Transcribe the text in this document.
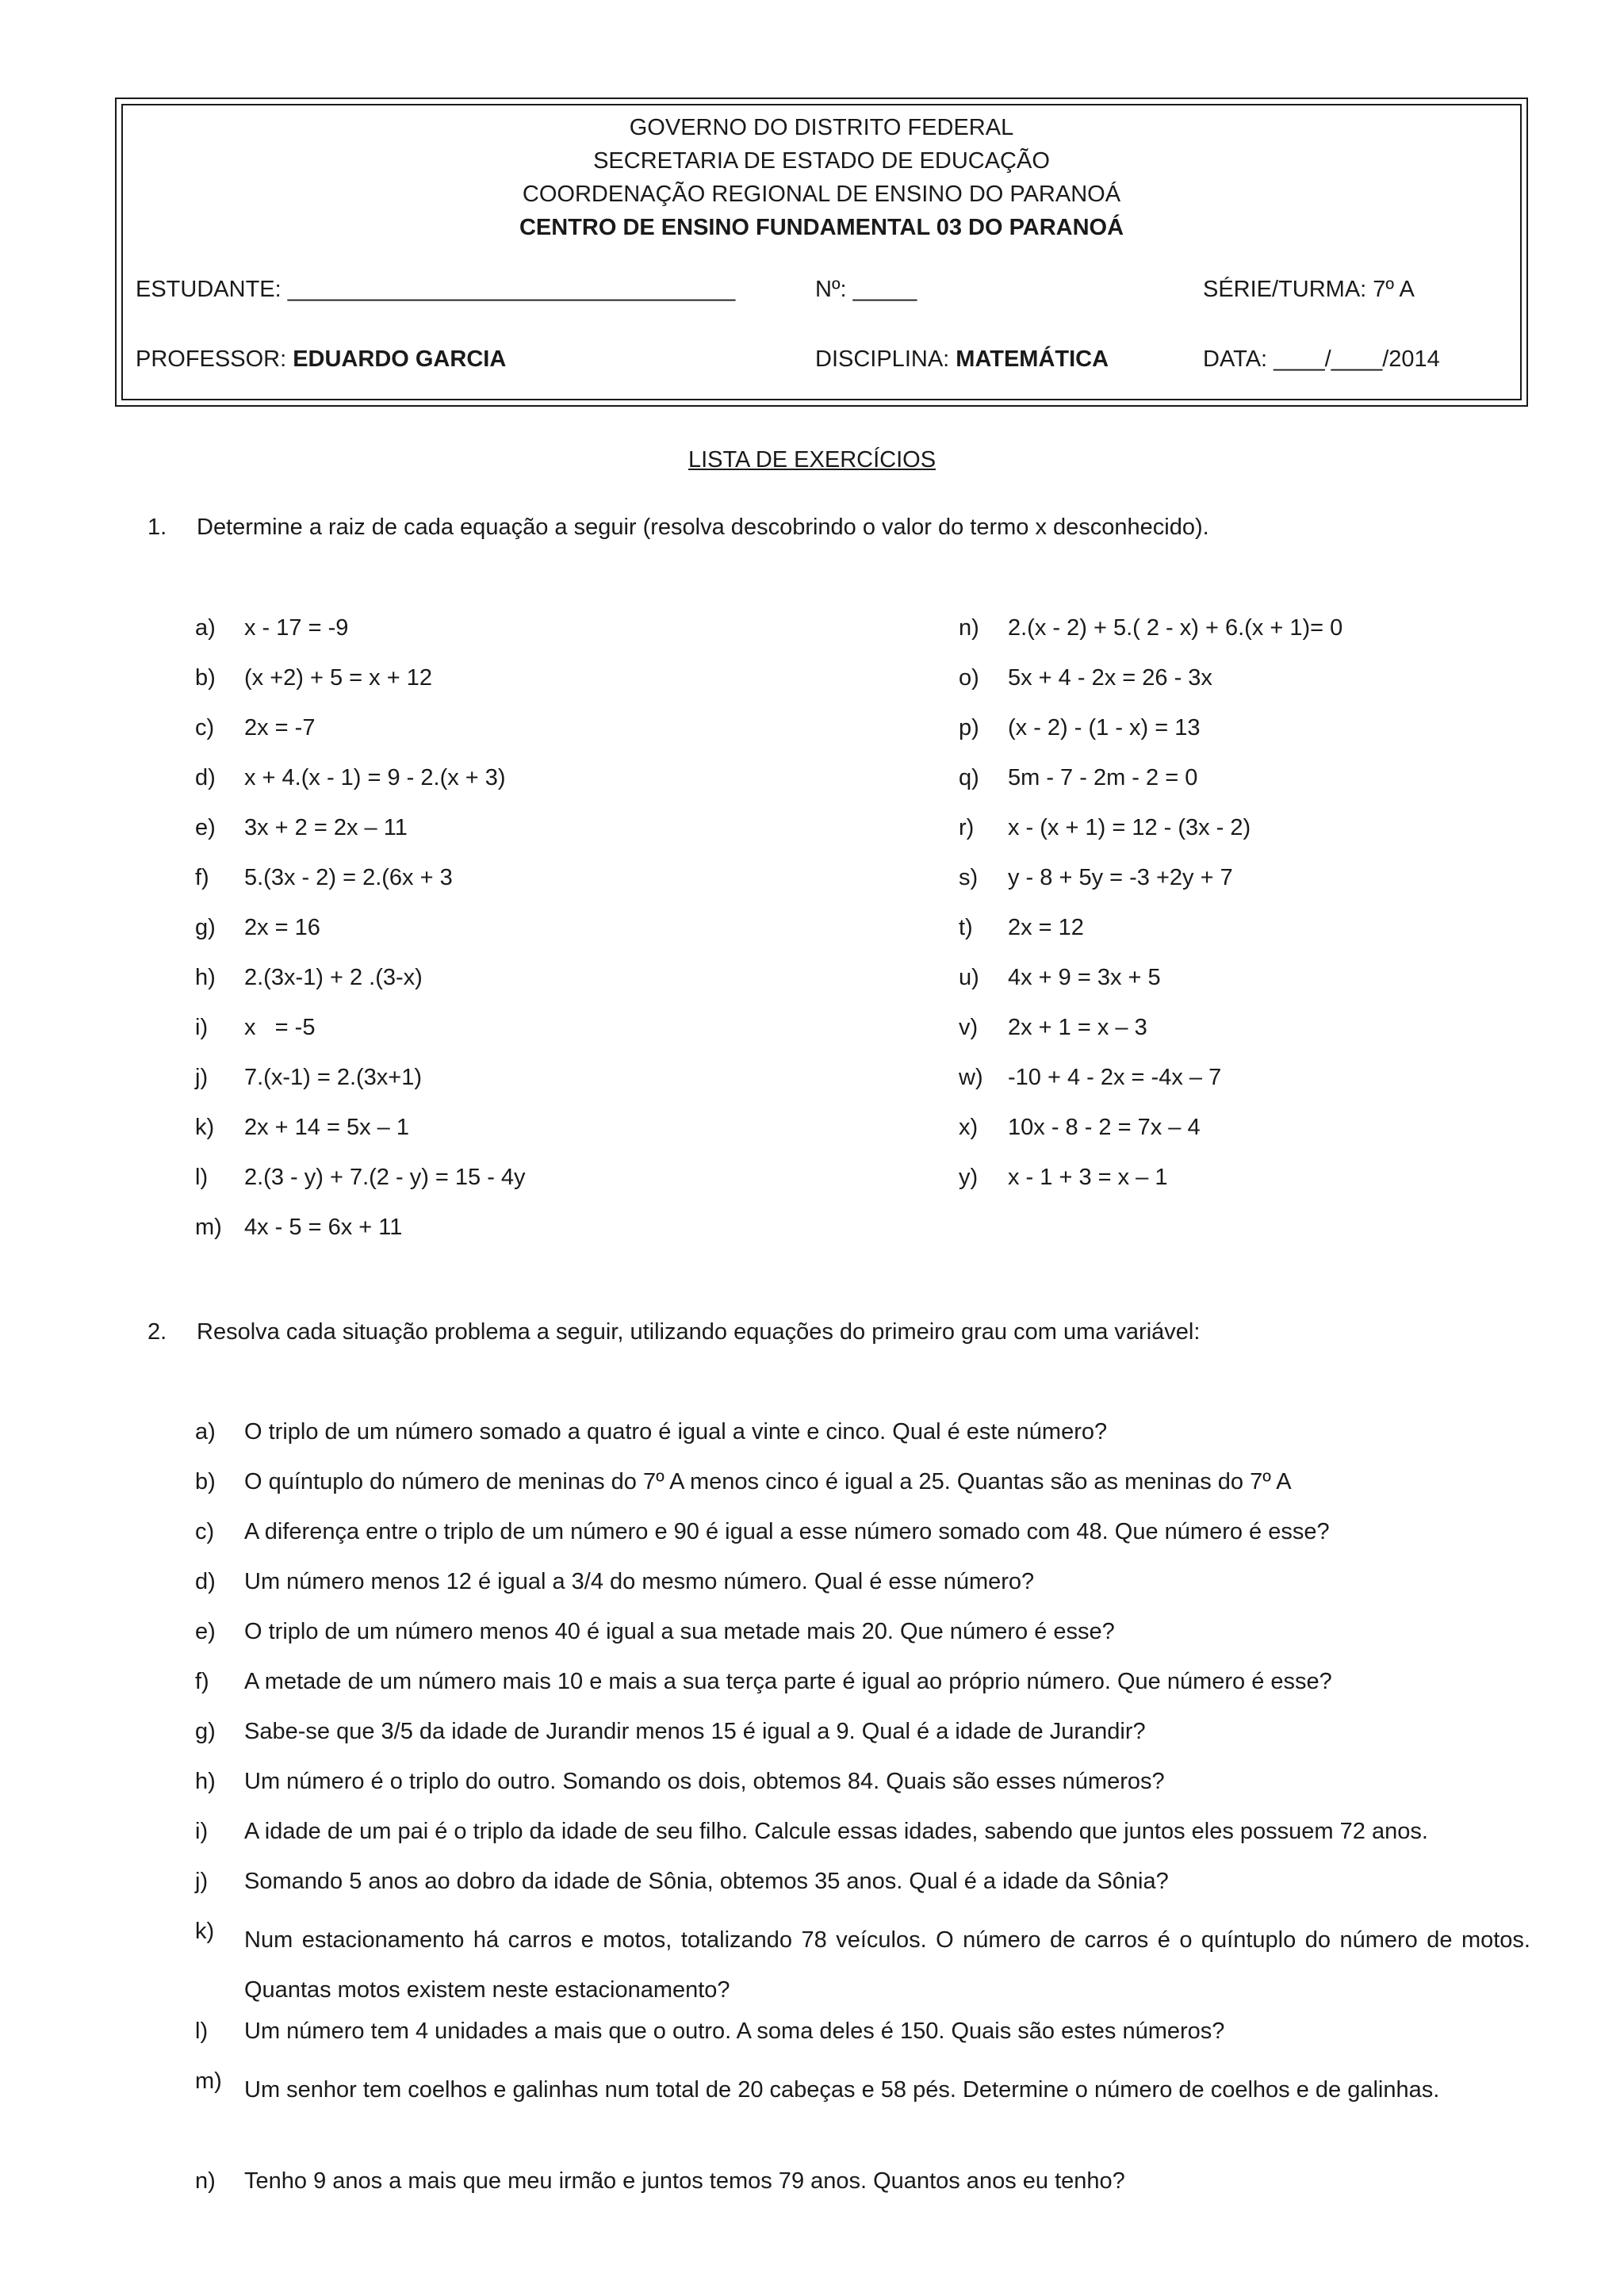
GOVERNO DO DISTRITO FEDERAL
SECRETARIA DE ESTADO DE EDUCAÇÃO
COORDENAÇÃO REGIONAL DE ENSINO DO PARANOÁ
CENTRO DE ENSINO FUNDAMENTAL 03 DO PARANOÁ
ESTUDANTE: ___________________________________	Nº: _____	SÉRIE/TURMA: 7º A
PROFESSOR: EDUARDO GARCIA	DISCIPLINA: MATEMÁTICA	DATA: ____/____/2014
LISTA DE EXERCÍCIOS
1. Determine a raiz de cada equação a seguir (resolva descobrindo o valor do termo x desconhecido).
a) x - 17 = -9
b) (x +2) + 5 = x + 12
c) 2x = -7
d) x + 4.(x - 1) = 9 - 2.(x + 3)
e) 3x + 2 = 2x – 11
f) 5.(3x - 2) = 2.(6x + 3
g) 2x = 16
h) 2.(3x-1) + 2 .(3-x)
i) x   = -5
j) 7.(x-1) = 2.(3x+1)
k) 2x + 14 = 5x – 1
l) 2.(3 - y) + 7.(2 - y) = 15 - 4y
m) 4x - 5 = 6x + 11
n) 2.(x - 2) + 5.( 2 - x) + 6.(x + 1)= 0
o) 5x + 4 - 2x = 26 - 3x
p) (x - 2) - (1 - x) = 13
q) 5m - 7 - 2m - 2 = 0
r) x - (x + 1) = 12 - (3x - 2)
s) y - 8 + 5y = -3 +2y + 7
t) 2x = 12
u) 4x + 9 = 3x + 5
v) 2x + 1 = x – 3
w) -10 + 4 - 2x = -4x – 7
x) 10x - 8 - 2 = 7x – 4
y) x - 1 + 3 = x – 1
2. Resolva cada situação problema a seguir, utilizando equações do primeiro grau com uma variável:
a) O triplo de um número somado a quatro é igual a vinte e cinco. Qual é este número?
b) O quíntuplo do número de meninas do 7º A menos cinco é igual a 25. Quantas são as meninas do 7º A
c) A diferença entre o triplo de um número e 90 é igual a esse número somado com 48. Que número é esse?
d) Um número menos 12 é igual a 3/4 do mesmo número. Qual é esse número?
e) O triplo de um número menos 40 é igual a sua metade mais 20. Que número é esse?
f) A metade de um número mais 10 e mais a sua terça parte é igual ao próprio número. Que número é esse?
g) Sabe-se que 3/5 da idade de Jurandir menos 15 é igual a 9. Qual é a idade de Jurandir?
h) Um número é o triplo do outro. Somando os dois, obtemos 84. Quais são esses números?
i) A idade de um pai é o triplo da idade de seu filho. Calcule essas idades, sabendo que juntos eles possuem 72 anos.
j) Somando 5 anos ao dobro da idade de Sônia, obtemos 35 anos. Qual é a idade da Sônia?
k) Num estacionamento há carros e motos, totalizando 78 veículos. O número de carros é o quíntuplo do número de motos. Quantas motos existem neste estacionamento?
l) Um número tem 4 unidades a mais que o outro. A soma deles é 150. Quais são estes números?
m) Um senhor tem coelhos e galinhas num total de 20 cabeças e 58 pés. Determine o número de coelhos e de galinhas.
n) Tenho 9 anos a mais que meu irmão e juntos temos 79 anos. Quantos anos eu tenho?
